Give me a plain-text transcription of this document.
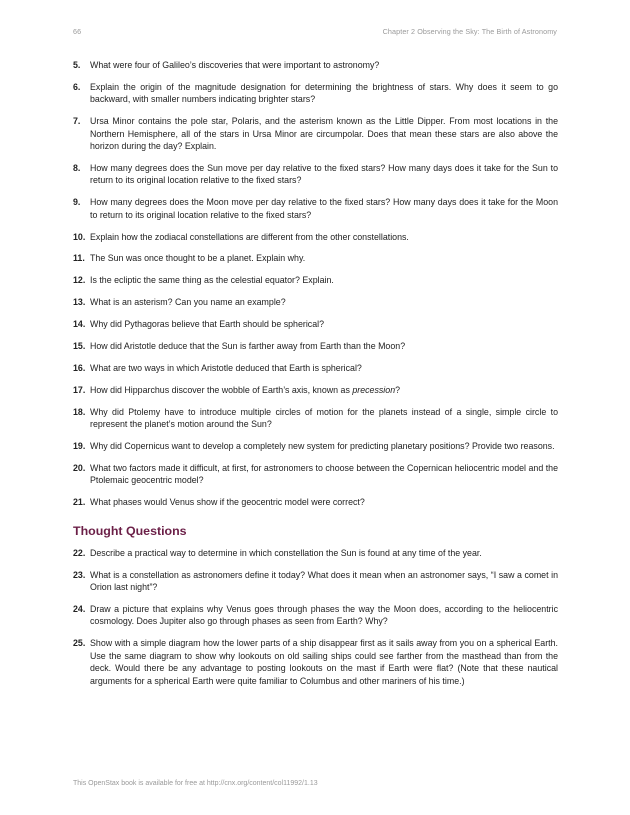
66	Chapter 2 Observing the Sky: The Birth of Astronomy
5.	What were four of Galileo’s discoveries that were important to astronomy?
6.	Explain the origin of the magnitude designation for determining the brightness of stars. Why does it seem to go backward, with smaller numbers indicating brighter stars?
7.	Ursa Minor contains the pole star, Polaris, and the asterism known as the Little Dipper. From most locations in the Northern Hemisphere, all of the stars in Ursa Minor are circumpolar. Does that mean these stars are also above the horizon during the day? Explain.
8.	How many degrees does the Sun move per day relative to the fixed stars? How many days does it take for the Sun to return to its original location relative to the fixed stars?
9.	How many degrees does the Moon move per day relative to the fixed stars? How many days does it take for the Moon to return to its original location relative to the fixed stars?
10. Explain how the zodiacal constellations are different from the other constellations.
11. The Sun was once thought to be a planet. Explain why.
12. Is the ecliptic the same thing as the celestial equator? Explain.
13. What is an asterism? Can you name an example?
14. Why did Pythagoras believe that Earth should be spherical?
15. How did Aristotle deduce that the Sun is farther away from Earth than the Moon?
16. What are two ways in which Aristotle deduced that Earth is spherical?
17. How did Hipparchus discover the wobble of Earth’s axis, known as precession?
18. Why did Ptolemy have to introduce multiple circles of motion for the planets instead of a single, simple circle to represent the planet’s motion around the Sun?
19. Why did Copernicus want to develop a completely new system for predicting planetary positions? Provide two reasons.
20. What two factors made it difficult, at first, for astronomers to choose between the Copernican heliocentric model and the Ptolemaic geocentric model?
21. What phases would Venus show if the geocentric model were correct?
Thought Questions
22. Describe a practical way to determine in which constellation the Sun is found at any time of the year.
23. What is a constellation as astronomers define it today? What does it mean when an astronomer says, “I saw a comet in Orion last night”?
24. Draw a picture that explains why Venus goes through phases the way the Moon does, according to the heliocentric cosmology. Does Jupiter also go through phases as seen from Earth? Why?
25. Show with a simple diagram how the lower parts of a ship disappear first as it sails away from you on a spherical Earth. Use the same diagram to show why lookouts on old sailing ships could see farther from the masthead than from the deck. Would there be any advantage to posting lookouts on the mast if Earth were flat? (Note that these nautical arguments for a spherical Earth were quite familiar to Columbus and other mariners of his time.)
This OpenStax book is available for free at http://cnx.org/content/col11992/1.13
